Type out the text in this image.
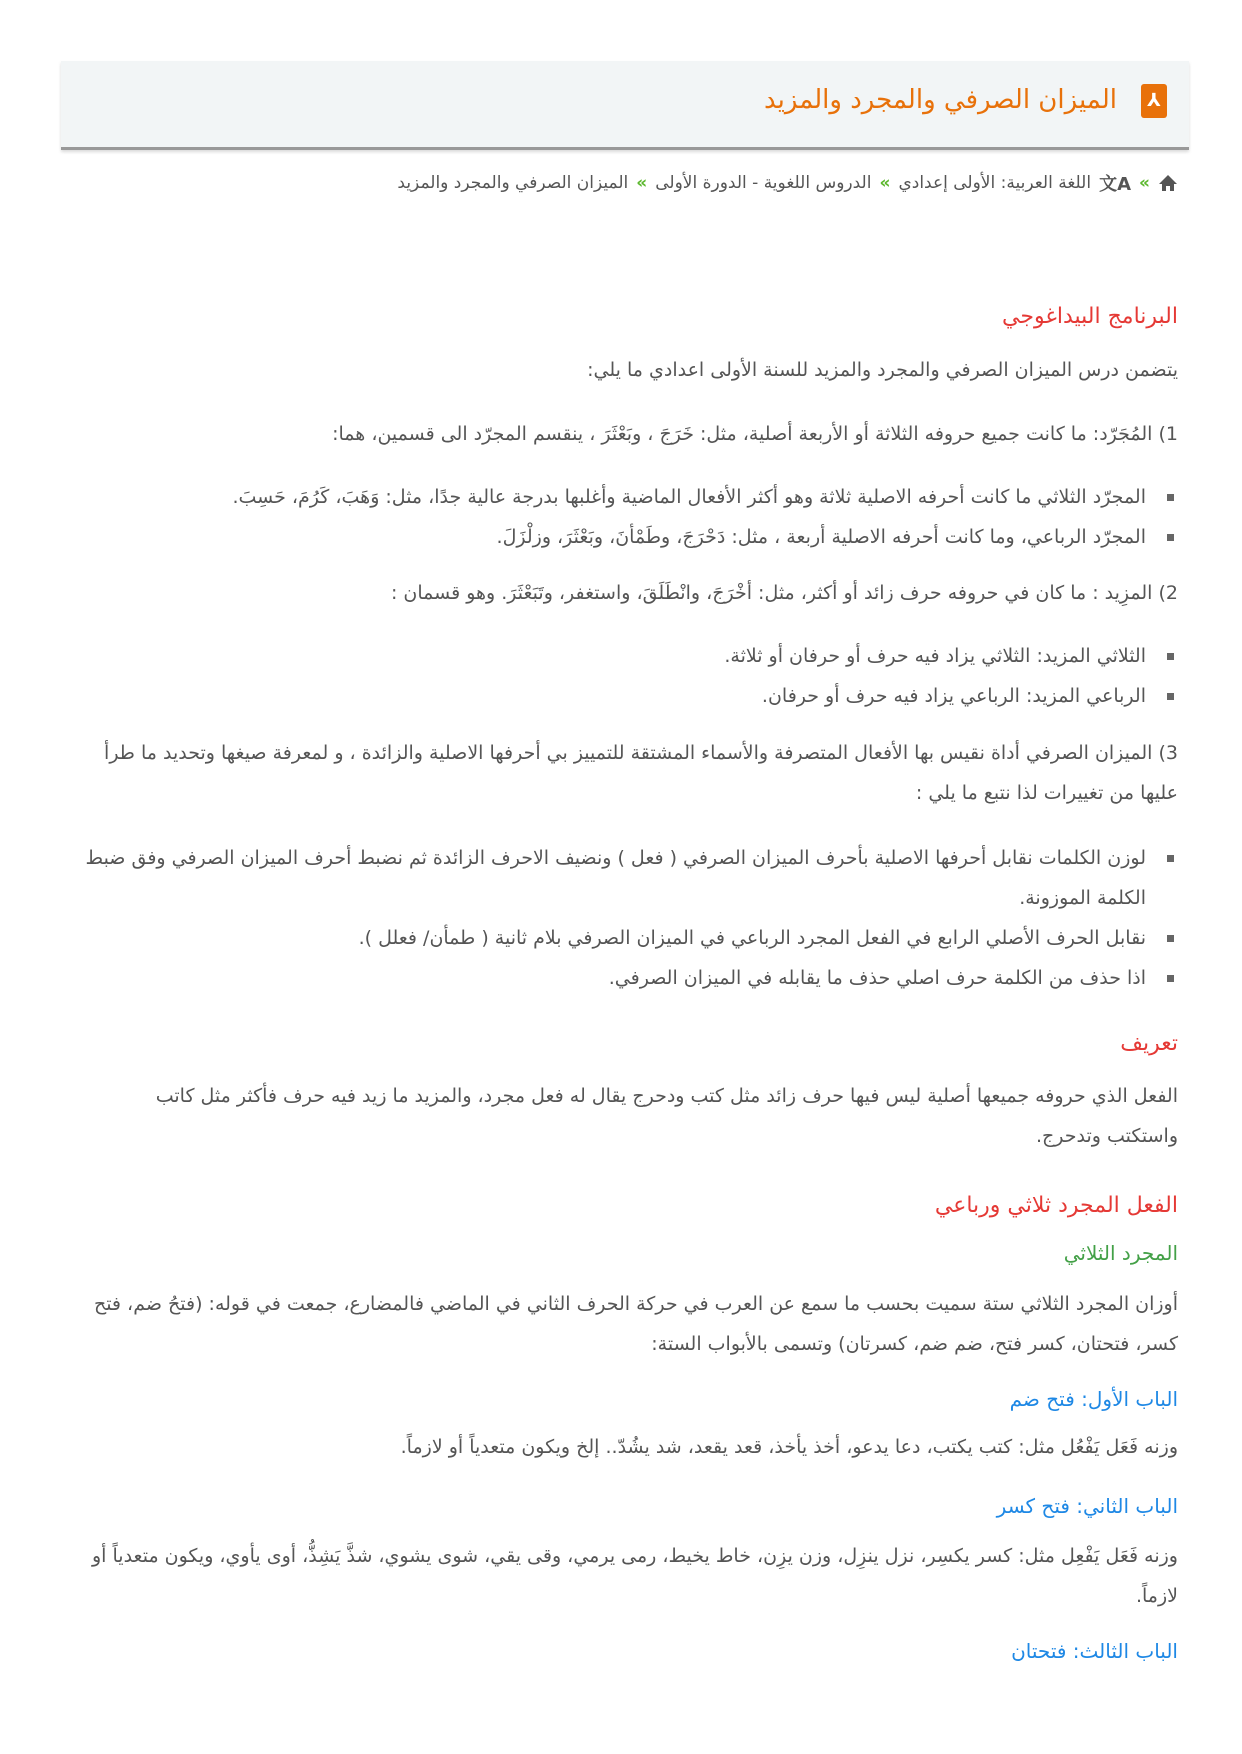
⅄
الميزان الصرفي والمجرد والمزيد
»
文A
اللغة العربية: الأولى إعدادي
»
الدروس اللغوية - الدورة الأولى
»
الميزان الصرفي والمجرد والمزيد
البرنامج البيداغوجي
يتضمن درس الميزان الصرفي والمجرد والمزيد للسنة الأولى اعدادي ما يلي:
1) المُجَرّد: ما كانت جميع حروفه الثلاثة أو الأربعة أصلية، مثل: خَرَجَ ، وبَعْثَرَ ، ينقسم المجرّد الى قسمين، هما:
المجرّد الثلاثي ما كانت أحرفه الاصلية ثلاثة وهو أكثر الأفعال الماضية وأغلبها بدرجة عالية جدًا، مثل: وَهَبَ، كَرُمَ، حَسِبَ.
المجرّد الرباعي، وما كانت أحرفه الاصلية أربعة ، مثل: دَحْرَجَ، وطَمْأنَ، وبَعْثَرَ، وزلْزَلَ.
2) المزِيد : ما كان في حروفه حرف زائد أو أكثر، مثل: أخْرَجَ، وانْطَلَقَ، واستغفر، وتَبَعْثَرَ. وهو قسمان :
الثلاثي المزيد: الثلاثي يزاد فيه حرف أو حرفان أو ثلاثة.
الرباعي المزيد: الرباعي يزاد فيه حرف أو حرفان.
3) الميزان الصرفي أداة نقيس بها الأفعال المتصرفة والأسماء المشتقة للتمييز بي أحرفها الاصلية والزائدة ، و لمعرفة صيغها وتحديد ما طرأ عليها من تغييرات لذا نتبع ما يلي :
لوزن الكلمات نقابل أحرفها الاصلية بأحرف الميزان الصرفي ( فعل ) ونضيف الاحرف الزائدة ثم نضبط أحرف الميزان الصرفي وفق ضبط الكلمة الموزونة.
نقابل الحرف الأصلي الرابع في الفعل المجرد الرباعي في الميزان الصرفي بلام ثانية ( طمأن/ فعلل ).
اذا حذف من الكلمة حرف اصلي حذف ما يقابله في الميزان الصرفي.
تعريف
الفعل الذي حروفه جميعها أصلية ليس فيها حرف زائد مثل كتب ودحرج يقال له فعل مجرد، والمزيد ما زيد فيه حرف فأكثر مثل كاتب واستكتب وتدحرج.
الفعل المجرد ثلاثي ورباعي
المجرد الثلاثي
أوزان المجرد الثلاثي ستة سميت بحسب ما سمع عن العرب في حركة الحرف الثاني في الماضي فالمضارع، جمعت في قوله: (فتحُ ضم، فتح كسر، فتحتان، كسر فتح، ضم ضم، كسرتان) وتسمى بالأبواب الستة:
الباب الأول: فتح ضم
وزنه فَعَل يَفْعُل مثل: كتب يكتب، دعا يدعو، أخذ يأخذ، قعد يقعد، شد يشُدّ.. إلخ ويكون متعدياً أو لازماً.
الباب الثاني: فتح كسر
وزنه فَعَل يَفْعِل مثل: كسر يكسِر، نزل ينزِل، وزن يزِن، خاط يخيط، رمى يرمي، وقى يقي، شوى يشوي، شذَّ يَشِذُّ، أوى يأوي، ويكون متعدياً أو لازماً.
الباب الثالث: فتحتان
